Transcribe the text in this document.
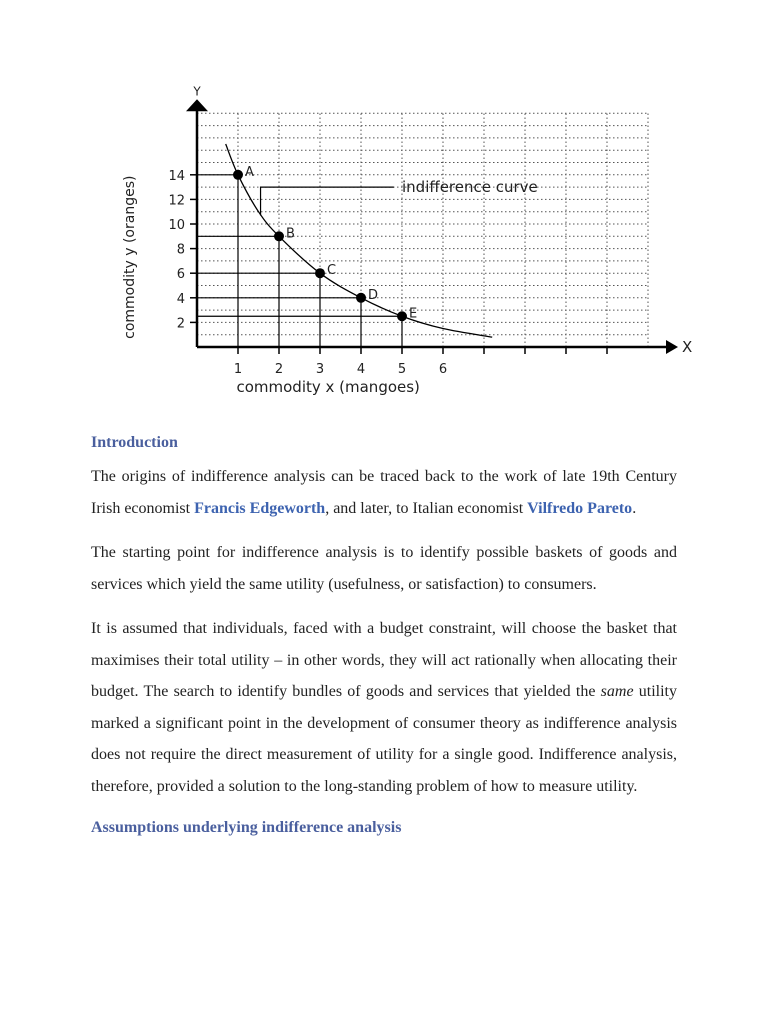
1	2	3	4	5	6
14
12
10
8
6
4
2
commodity x (mangoes)
commodity y (oranges)
X
Y
indifference curve
A
B
C
D
E
Introduction

The origins of indifference analysis can be traced back to the work of late 19th Century Irish economist Francis Edgeworth, and later, to Italian economist Vilfredo Pareto.

The starting point for indifference analysis is to identify possible baskets of goods and services which yield the same utility (usefulness, or satisfaction) to consumers.

It is assumed that individuals, faced with a budget constraint, will choose the basket that maximises their total utility – in other words, they will act rationally when allocating their budget. The search to identify bundles of goods and services that yielded the same utility marked a significant point in the development of consumer theory as indifference analysis does not require the direct measurement of utility for a single good. Indifference analysis, therefore, provided a solution to the long-standing problem of how to measure utility.

Assumptions underlying indifference analysis
